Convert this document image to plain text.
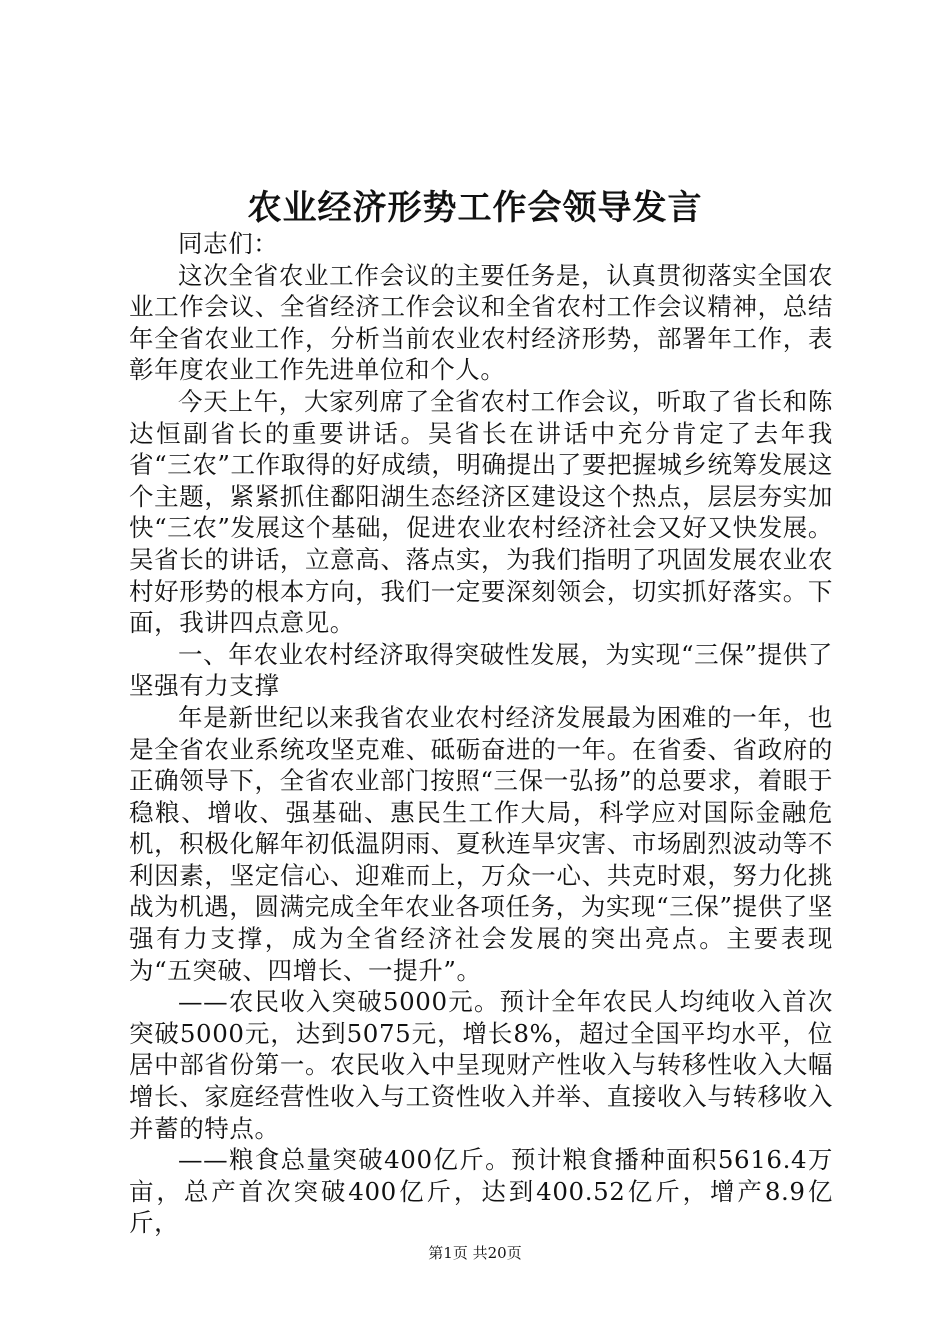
农业经济形势工作会领导发言

同志们：

这次全省农业工作会议的主要任务是，认真贯彻落实全国农业工作会议、全省经济工作会议和全省农村工作会议精神，总结年全省农业工作，分析当前农业农村经济形势，部署年工作，表彰年度农业工作先进单位和个人。

今天上午，大家列席了全省农村工作会议，听取了省长和陈达恒副省长的重要讲话。吴省长在讲话中充分肯定了去年我省“三农”工作取得的好成绩，明确提出了要把握城乡统筹发展这个主题，紧紧抓住鄱阳湖生态经济区建设这个热点，层层夯实加快“三农”发展这个基础，促进农业农村经济社会又好又快发展。吴省长的讲话，立意高、落点实，为我们指明了巩固发展农业农村好形势的根本方向，我们一定要深刻领会，切实抓好落实。下面，我讲四点意见。

一、年农业农村经济取得突破性发展，为实现“三保”提供了坚强有力支撑

年是新世纪以来我省农业农村经济发展最为困难的一年，也是全省农业系统攻坚克难、砥砺奋进的一年。在省委、省政府的正确领导下，全省农业部门按照“三保一弘扬”的总要求，着眼于稳粮、增收、强基础、惠民生工作大局，科学应对国际金融危机，积极化解年初低温阴雨、夏秋连旱灾害、市场剧烈波动等不利因素，坚定信心、迎难而上，万众一心、共克时艰，努力化挑战为机遇，圆满完成全年农业各项任务，为实现“三保”提供了坚强有力支撑，成为全省经济社会发展的突出亮点。主要表现为“五突破、四增长、一提升”。

——农民收入突破5000元。预计全年农民人均纯收入首次突破5000元，达到5075元，增长8%，超过全国平均水平，位居中部省份第一。农民收入中呈现财产性收入与转移性收入大幅增长、家庭经营性收入与工资性收入并举、直接收入与转移收入并蓄的特点。

——粮食总量突破400亿斤。预计粮食播种面积5616.4万亩，总产首次突破400亿斤，达到400.52亿斤，增产8.9亿斤，

第1页 共20页
